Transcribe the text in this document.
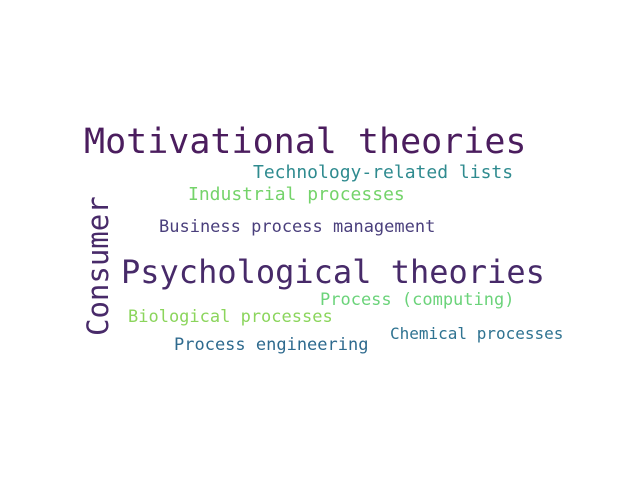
Motivational theories
Technology-related lists
Industrial processes
Consumer	Business process management
Psychological theories
Process (computing)
Biological processes
Chemical processes
Process engineering
